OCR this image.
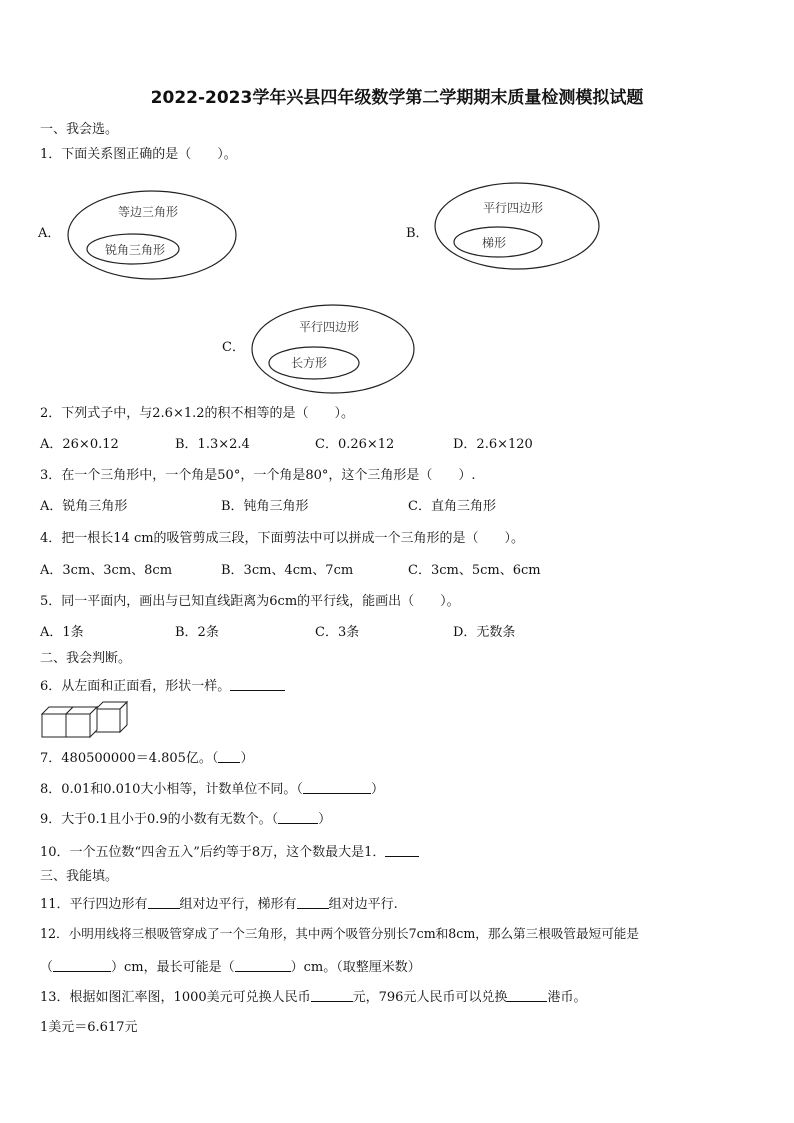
2022-2023学年兴县四年级数学第二学期期末质量检测模拟试题
一、我会选。
1．下面关系图正确的是（　　）。
A．
等边三角形
锐角三角形
B．
平行四边形
梯形
C．
平行四边形
长方形
2．下列式子中，与2.6×1.2的积不相等的是（　　）。
A．26×0.12	B．1.3×2.4	C．0.26×12	D．2.6×120
3．在一个三角形中，一个角是50°，一个角是80°，这个三角形是（　　）.
A．锐角三角形	B．钝角三角形	C．直角三角形
4．把一根长14 cm的吸管剪成三段，下面剪法中可以拼成一个三角形的是（　　）。
A．3cm、3cm、8cm	B．3cm、4cm、7cm	C．3cm、5cm、6cm
5．同一平面内，画出与已知直线距离为6cm的平行线，能画出（　　）。
A．1条	B．2条	C．3条	D．无数条
二、我会判断。
6．从左面和正面看，形状一样。
7．480500000＝4.805亿。（ ）
8．0.01和0.010大小相等，计数单位不同。（	）
9．大于0.1且小于0.9的小数有无数个。（	）
10．一个五位数“四舍五入”后约等于8万，这个数最大是1．
三、我能填。
11．平行四边形有 组对边平行，梯形有 组对边平行.
12．小明用线将三根吸管穿成了一个三角形，其中两个吸管分别长7cm和8cm，那么第三根吸管最短可能是
（	）cm，最长可能是（	）cm。（取整厘米数）
13．根据如图汇率图，1000美元可兑换人民币	元，796元人民币可以兑换	港币。
1美元＝6.617元
